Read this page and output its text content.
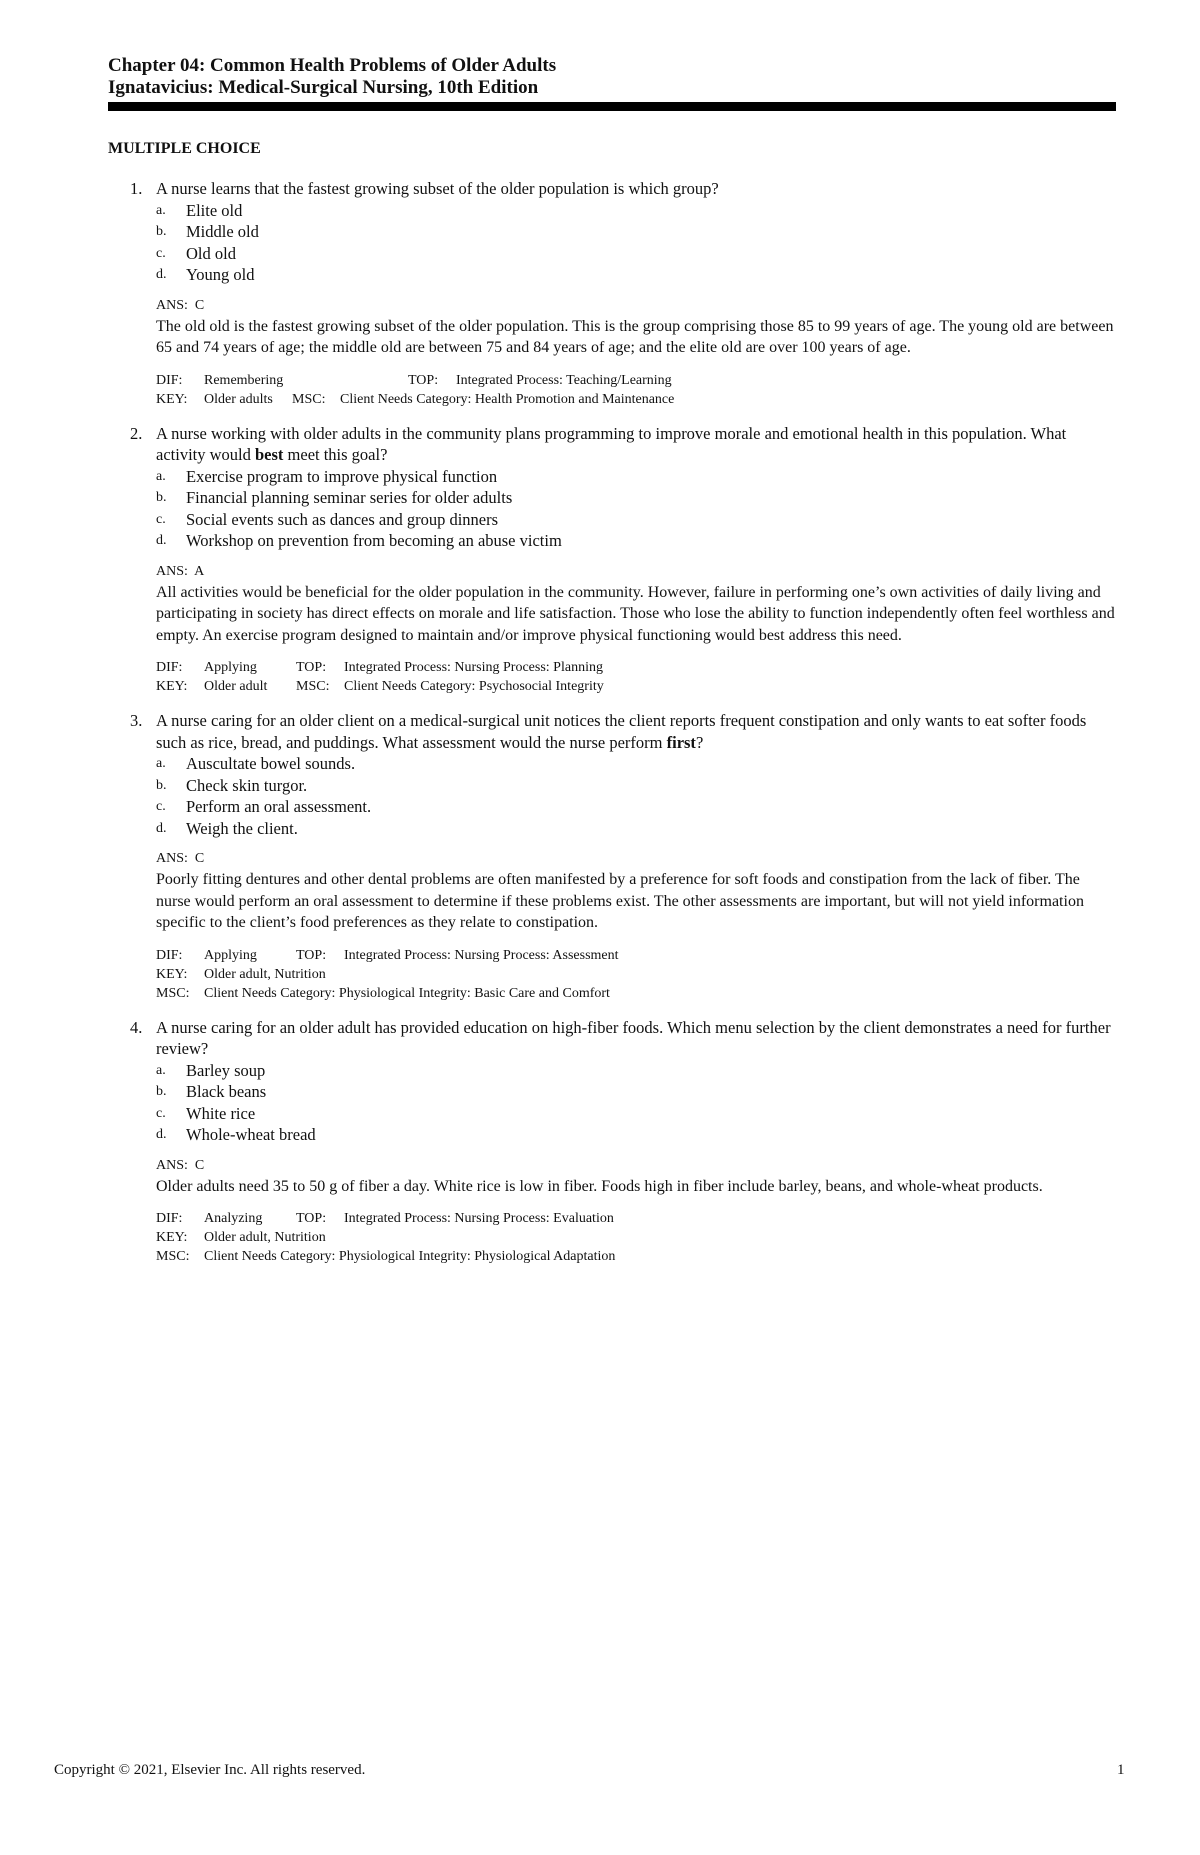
Chapter 04: Common Health Problems of Older Adults
Ignatavicius: Medical-Surgical Nursing, 10th Edition
MULTIPLE CHOICE
1. A nurse learns that the fastest growing subset of the older population is which group?
a.	Elite old
b.	Middle old
c.	Old old
d.	Young old
ANS: C
The old old is the fastest growing subset of the older population. This is the group comprising those 85 to 99 years of age. The young old are between 65 and 74 years of age; the middle old are between 75 and 84 years of age; and the elite old are over 100 years of age.
DIF: Remembering	TOP:	Integrated Process: Teaching/Learning
KEY: Older adults	MSC:	Client Needs Category: Health Promotion and Maintenance
2. A nurse working with older adults in the community plans programming to improve morale and emotional health in this population. What activity would best meet this goal?
a.	Exercise program to improve physical function
b.	Financial planning seminar series for older adults
c.	Social events such as dances and group dinners
d.	Workshop on prevention from becoming an abuse victim
ANS: A
All activities would be beneficial for the older population in the community. However, failure in performing one’s own activities of daily living and participating in society has direct effects on morale and life satisfaction. Those who lose the ability to function independently often feel worthless and empty. An exercise program designed to maintain and/or improve physical functioning would best address this need.
DIF: Applying	TOP:	Integrated Process: Nursing Process: Planning
KEY: Older adult	MSC:	Client Needs Category: Psychosocial Integrity
3. A nurse caring for an older client on a medical-surgical unit notices the client reports frequent constipation and only wants to eat softer foods such as rice, bread, and puddings. What assessment would the nurse perform first?
a.	Auscultate bowel sounds.
b.	Check skin turgor.
c.	Perform an oral assessment.
d.	Weigh the client.
ANS: C
Poorly fitting dentures and other dental problems are often manifested by a preference for soft foods and constipation from the lack of fiber. The nurse would perform an oral assessment to determine if these problems exist. The other assessments are important, but will not yield information specific to the client’s food preferences as they relate to constipation.
DIF: Applying	TOP:	Integrated Process: Nursing Process: Assessment
KEY:	Older adult, Nutrition
MSC:	Client Needs Category: Physiological Integrity: Basic Care and Comfort
4. A nurse caring for an older adult has provided education on high-fiber foods. Which menu selection by the client demonstrates a need for further review?
a.	Barley soup
b.	Black beans
c.	White rice
d.	Whole-wheat bread
ANS: C
Older adults need 35 to 50 g of fiber a day. White rice is low in fiber. Foods high in fiber include barley, beans, and whole-wheat products.
DIF: Analyzing	TOP:	Integrated Process: Nursing Process: Evaluation
KEY:	Older adult, Nutrition
MSC:	Client Needs Category: Physiological Integrity: Physiological Adaptation
Copyright © 2021, Elsevier Inc. All rights reserved.	1
